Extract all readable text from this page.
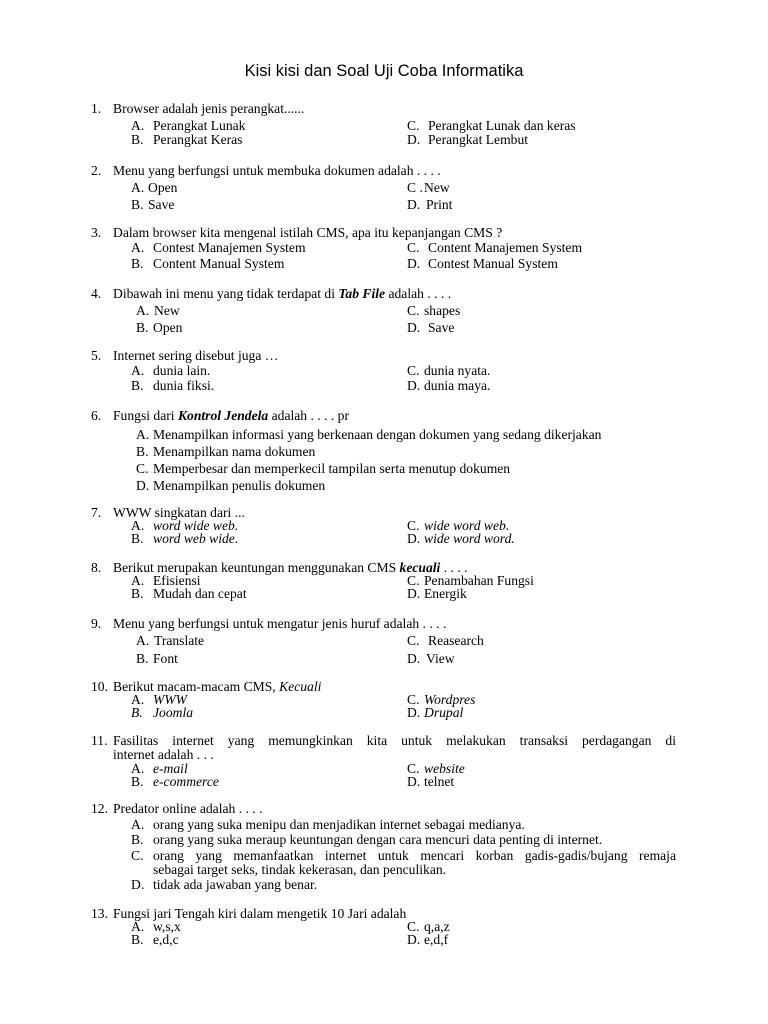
Kisi kisi dan Soal Uji Coba Informatika
1. Browser adalah jenis perangkat......
A. Perangkat Lunak
B. Perangkat Keras
C. Perangkat Lunak dan keras
D. Perangkat Lembut
2. Menu yang berfungsi untuk membuka dokumen adalah . . . .
A. Open
B. Save
C .New
D. Print
3. Dalam browser kita mengenal istilah CMS, apa itu kepanjangan CMS ?
A. Contest Manajemen System
B. Content Manual System
C. Content Manajemen System
D. Contest Manual System
4. Dibawah ini menu yang tidak terdapat di Tab File adalah . . . .
A. New
B. Open
C. shapes
D. Save
5. Internet sering disebut juga …
A. dunia lain.
B. dunia fiksi.
C. dunia nyata.
D. dunia maya.
6. Fungsi dari Kontrol Jendela adalah . . . . pr
A. Menampilkan informasi yang berkenaan dengan dokumen yang sedang dikerjakan
B. Menampilkan nama dokumen
C. Memperbesar dan memperkecil tampilan serta menutup dokumen
D. Menampilkan penulis dokumen
7. WWW singkatan dari ...
A. word wide web.
B. word web wide.
C. wide word web.
D. wide word word.
8. Berikut merupakan keuntungan menggunakan CMS kecuali . . . .
A. Efisiensi
B. Mudah dan cepat
C. Penambahan Fungsi
D. Energik
9. Menu yang berfungsi untuk mengatur jenis huruf adalah . . . .
A. Translate
B. Font
C. Reasearch
D. View
10. Berikut macam-macam CMS, Kecuali
A. WWW
B. Joomla
C. Wordpres
D. Drupal
11. Fasilitas internet yang memungkinkan kita untuk melakukan transaksi perdagangan di
internet adalah . . .
A. e-mail
B. e-commerce
C. website
D. telnet
12. Predator online adalah . . . .
A. orang yang suka menipu dan menjadikan internet sebagai medianya.
B. orang yang suka meraup keuntungan dengan cara mencuri data penting di internet.
C. orang yang memanfaatkan internet untuk mencari korban gadis-gadis/bujang remaja
sebagai target seks, tindak kekerasan, dan penculikan.
D. tidak ada jawaban yang benar.
13. Fungsi jari Tengah kiri dalam mengetik 10 Jari adalah
A. w,s,x
B. e,d,c
C. q,a,z
D. e,d,f
